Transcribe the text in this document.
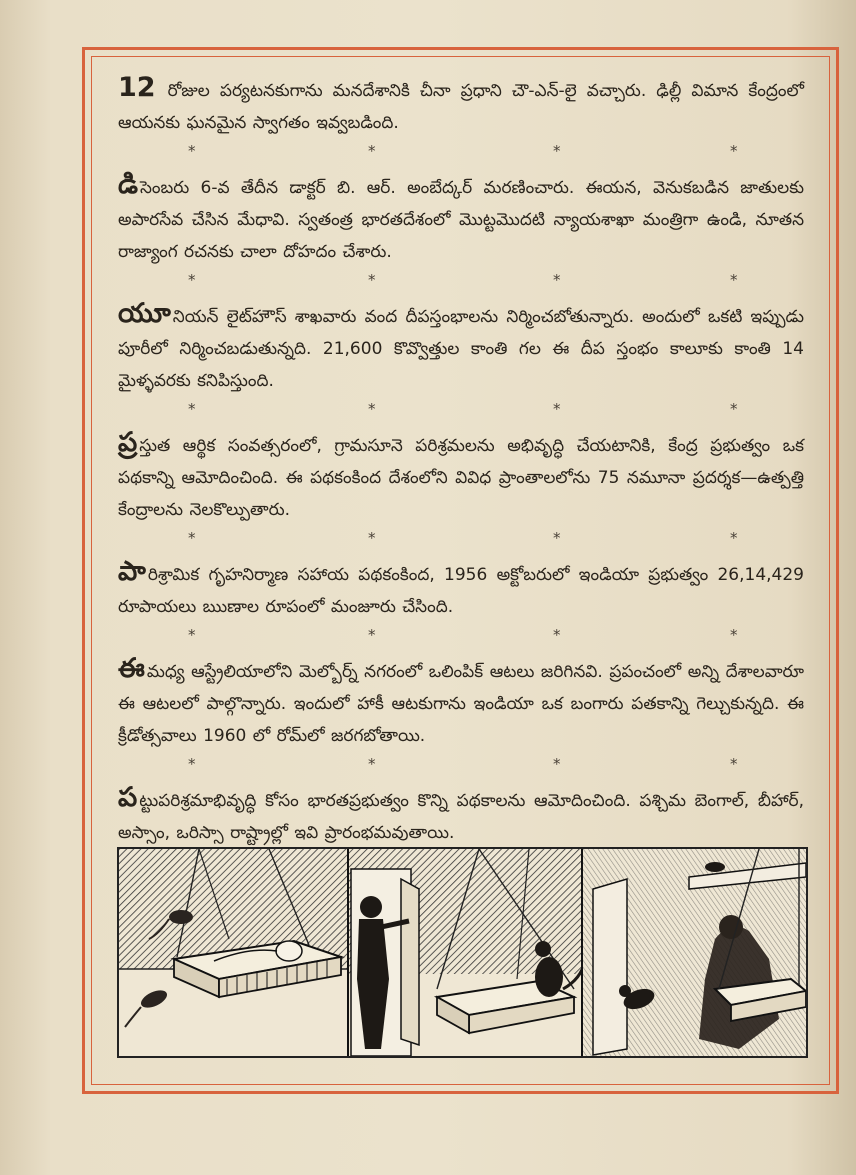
12 రోజుల పర్యటనకుగాను మనదేశానికి చీనా ప్రధాని చౌ-ఎన్-లై వచ్చారు. ఢిల్లీ విమాన కేంద్రంలో ఆయనకు ఘనమైన స్వాగతం ఇవ్వబడింది.

*	*	*	*

డిసెంబరు 6-వ తేదీన డాక్టర్ బి. ఆర్. అంబేద్కర్ మరణించారు. ఈయన, వెనుకబడిన జాతులకు అపారసేవ చేసిన మేధావి. స్వతంత్ర భారతదేశంలో మొట్టమొదటి న్యాయశాఖా మంత్రిగా ఉండి, నూతన రాజ్యాంగ రచనకు చాలా దోహదం చేశారు.

*	*	*	*

యూనియన్ లైట్‌హౌస్ శాఖవారు వంద దీపస్తంభాలను నిర్మించబోతున్నారు. అందులో ఒకటి ఇప్పుడు పూరీలో నిర్మించబడుతున్నది. 21,600 కొవ్వొత్తుల కాంతి గల ఈ దీప స్తంభం కాలూకు కాంతి 14 మైళ్ళవరకు కనిపిస్తుంది.

*	*	*	*

ప్ర స్తుత ఆర్థిక సంవత్సరంలో, గ్రామసూనె పరిశ్రమలను అభివృద్ధి చేయటానికి, కేంద్ర ప్రభుత్వం ఒక పథకాన్ని ఆమోదించింది. ఈ పథకంకింద దేశంలోని వివిధ ప్రాంతాలలోను 75 నమూనా ప్రదర్శక—ఉత్పత్తి కేంద్రాలను నెలకొల్పుతారు.

*	*	*	*

పారిశ్రామిక గృహనిర్మాణ సహాయ పథకంకింద, 1956 అక్టోబరులో ఇండియా ప్రభుత్వం 26,14,429 రూపాయలు ఋణాల రూపంలో మంజూరు చేసింది.

*	*	*	*

ఈమధ్య ఆస్ట్రేలియాలోని మెల్బోర్న్ నగరంలో ఒలింపిక్ ఆటలు జరిగినవి. ప్రపంచంలో అన్ని దేశాలవారూ ఈ ఆటలలో పాల్గొన్నారు. ఇందులో హాకీ ఆటకుగాను ఇండియా ఒక బంగారు పతకాన్ని గెల్చుకున్నది. ఈ క్రీడోత్సవాలు 1960 లో రోమ్‌లో జరగబోతాయి.

*	*	*	*

పట్టుపరిశ్రమాభివృద్ధి కోసం భారతప్రభుత్వం కొన్ని పథకాలను ఆమోదించింది. పశ్చిమ బెంగాల్, బీహార్, అస్సాం, ఒరిస్సా రాష్ట్రాల్లో ఇవి ప్రారంభమవుతాయి.
